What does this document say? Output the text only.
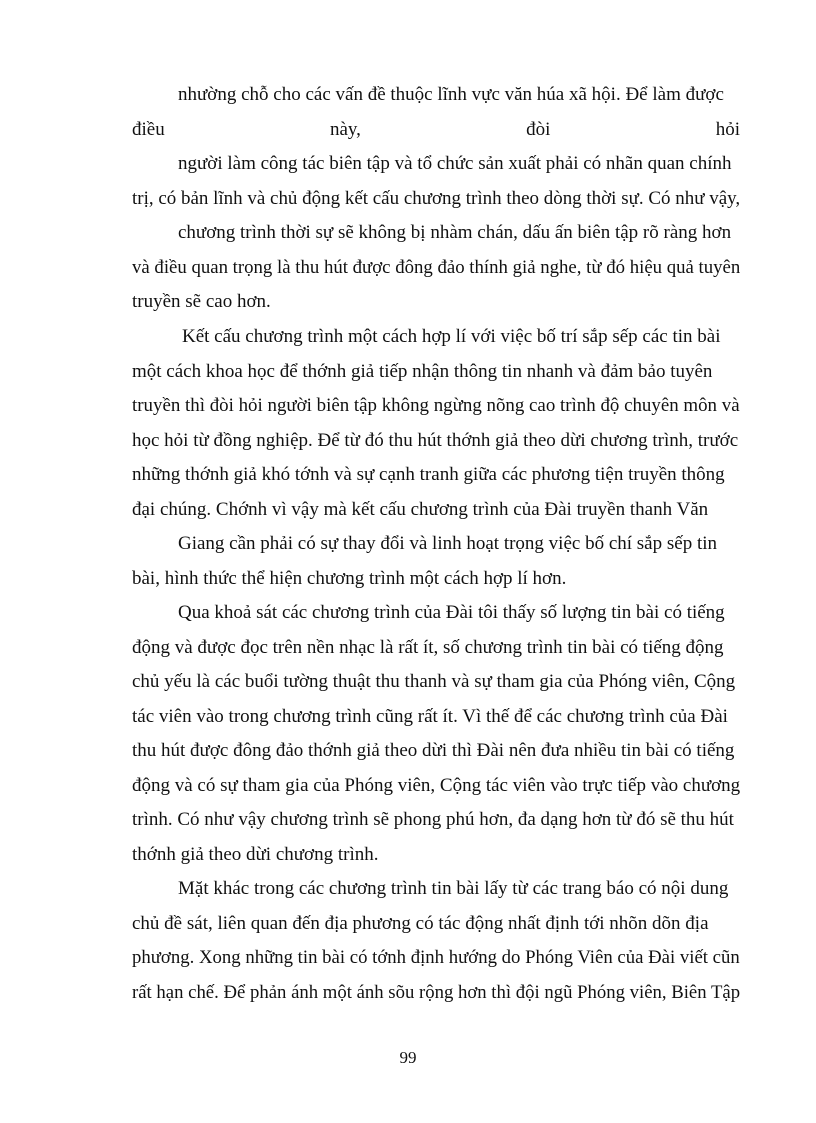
nhường chỗ cho các vấn đề thuộc lĩnh vực văn húa xã hội. Để làm được
điều	này,	đòi	hỏi
người làm công tác biên tập và tổ chức sản xuất phải có nhãn quan chính
trị, có bản lĩnh và chủ động kết cấu chương trình theo dòng thời sự. Có như vậy,
chương trình thời sự sẽ không bị nhàm chán, dấu ấn biên tập rõ ràng hơn
và điều quan trọng là thu hút được đông đảo thính giả nghe, từ đó hiệu quả tuyên
truyền sẽ cao hơn.
Kết cấu chương trình một cách hợp lí với việc bố trí sắp sếp các tin bài
một cách khoa học để thớnh giả tiếp nhận thông tin nhanh và đảm bảo tuyên
truyền thì đòi hỏi người biên tập không ngừng nõng cao trình độ chuyên môn và
học hỏi từ đồng nghiệp. Để từ đó thu hút thớnh giả theo dừi chương trình, trước
những thớnh giả khó tớnh và sự cạnh tranh giữa các phương tiện truyền thông
đại chúng. Chớnh vì vậy mà kết cấu chương trình của Đài truyền thanh Văn
Giang cần phải có sự thay đổi và linh hoạt trọng việc bố chí sắp sếp tin
bài, hình thức thể hiện chương trình một cách hợp lí hơn.
Qua khoả sát các chương trình của Đài tôi thấy số lượng tin bài có tiếng
động và được đọc trên nền nhạc là rất ít, số chương trình tin bài có tiếng động
chủ yếu là các buổi tường thuật thu thanh và sự tham gia của Phóng viên, Cộng
tác viên vào trong chương trình cũng rất ít. Vì thế để các chương trình của Đài
thu hút được đông đảo thớnh giả theo dừi thì Đài nên đưa nhiều tin bài có tiếng
động và có sự tham gia của Phóng viên, Cộng tác viên vào trực tiếp vào chương
trình. Có như vậy chương trình sẽ phong phú hơn, đa dạng hơn từ đó sẽ thu hút
thớnh giả theo dừi chương trình.
Mặt khác trong các chương trình tin bài lấy từ các trang báo có nội dung
chủ đề sát, liên quan đến địa phương có tác động nhất định tới nhõn dõn địa
phương. Xong những tin bài có tớnh định hướng do Phóng Viên của Đài viết cũn
rất hạn chế. Để phản ánh một ánh sõu rộng hơn thì đội ngũ Phóng viên, Biên Tập
99
